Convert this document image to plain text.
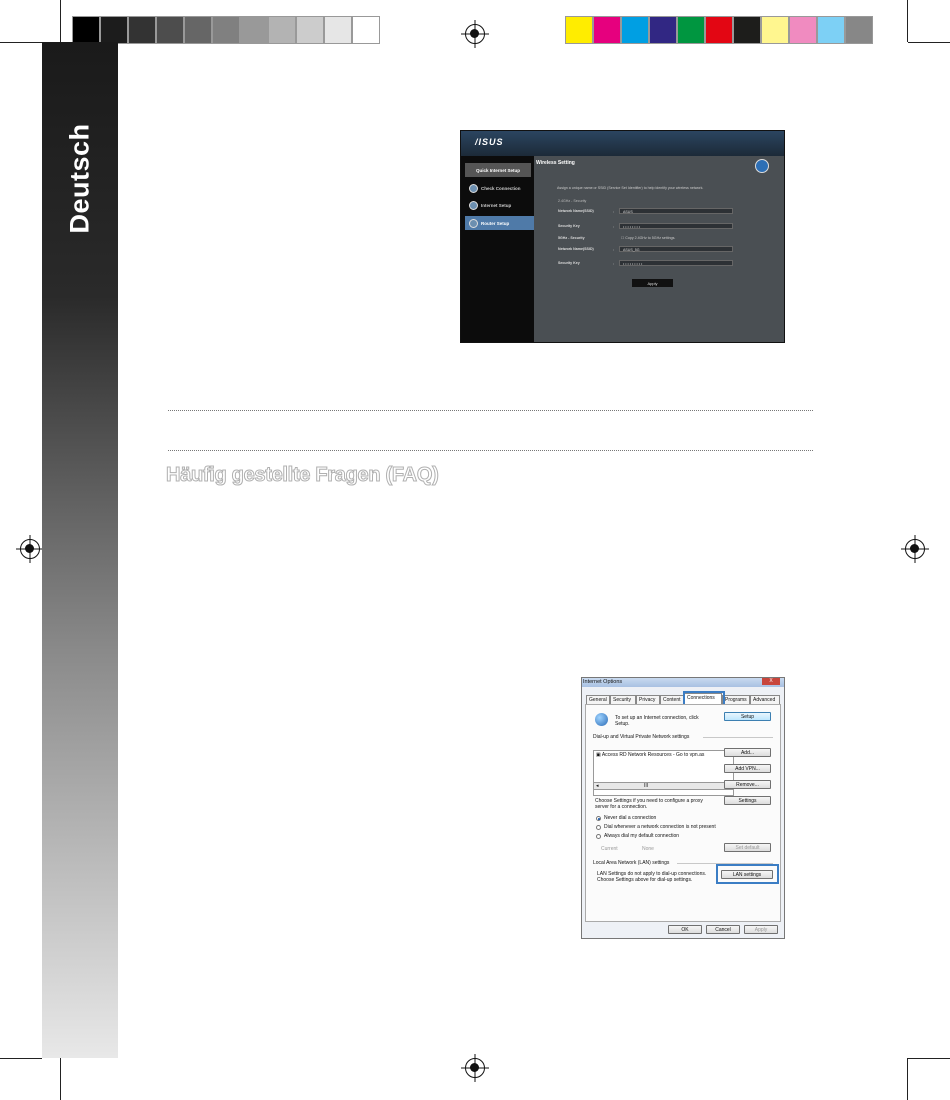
Deutsch	/ISUS
Quick Internet Setup
Check Connection
Internet Setup
Router Setup
Wireless Setting
Assign a unique name or SSID (Service Set Identifier) to help identify your wireless network.
2.4GHz - Security
Network Name(SSID)	:	ASUS
Security Key	:	• • • • • • • •
5GHz - Security	☐ Copy 2.4GHz to 5GHz settings.
Network Name(SSID)	:	ASUS_5G
Security Key	:	• • • • • • • • •
Apply
Häufig gestellte Fragen (FAQ)
Internet Options	X
General	Security	Privacy	Content	Connections	Programs	Advanced
To set up an Internet connection, click
Setup.
Setup
Dial-up and Virtual Private Network settings
▣ Access RD Network Resources - Go to vpn.as
◂	III
Add...
Add VPN...
Remove...
Choose Settings if you need to configure a proxy
server for a connection.
Settings
Never dial a connection
Dial whenever a network connection is not present
Always dial my default connection
Current	None	Set default
Local Area Network (LAN) settings
LAN Settings do not apply to dial-up connections.
Choose Settings above for dial-up settings.
LAN settings
OK	Cancel	Apply
